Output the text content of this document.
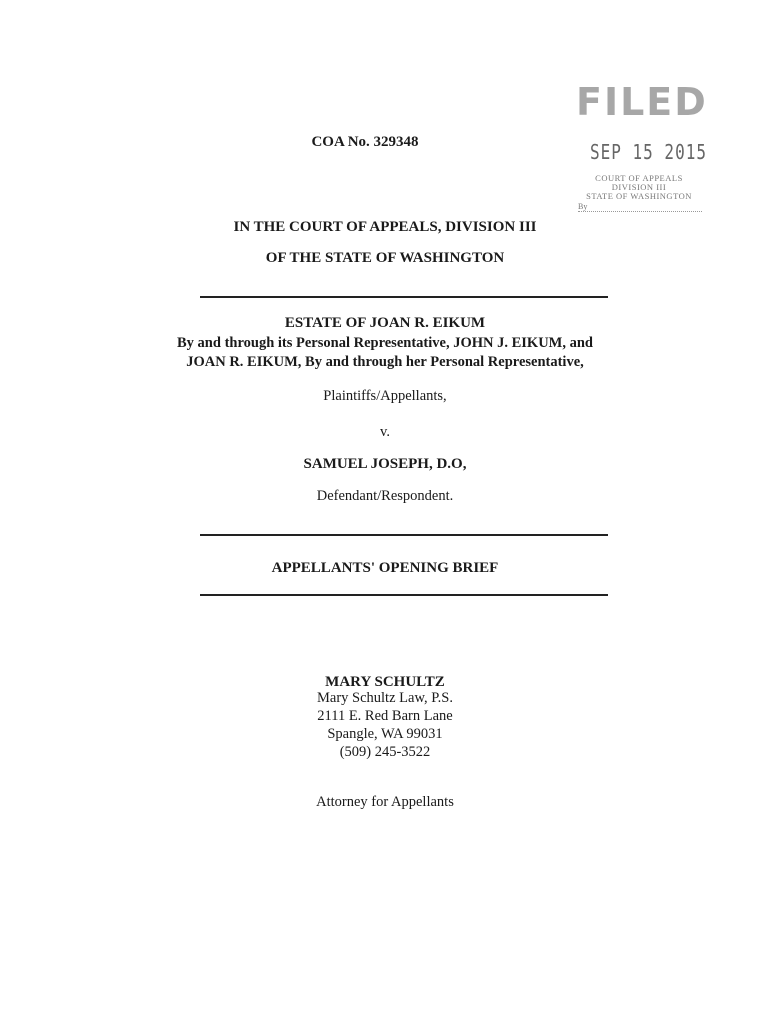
FILED
SEP 15 2015
COURT OF APPEALS
DIVISION III
STATE OF WASHINGTON
By
COA No. 329348
IN THE COURT OF APPEALS, DIVISION III
OF THE STATE OF WASHINGTON
ESTATE OF JOAN R. EIKUM
By and through its Personal Representative, JOHN J. EIKUM, and
JOAN R. EIKUM, By and through her Personal Representative,
Plaintiffs/Appellants,
v.
SAMUEL JOSEPH, D.O,
Defendant/Respondent.
APPELLANTS' OPENING BRIEF
MARY SCHULTZ
Mary Schultz Law, P.S.
2111 E. Red Barn Lane
Spangle, WA 99031
(509) 245-3522
Attorney for Appellants
